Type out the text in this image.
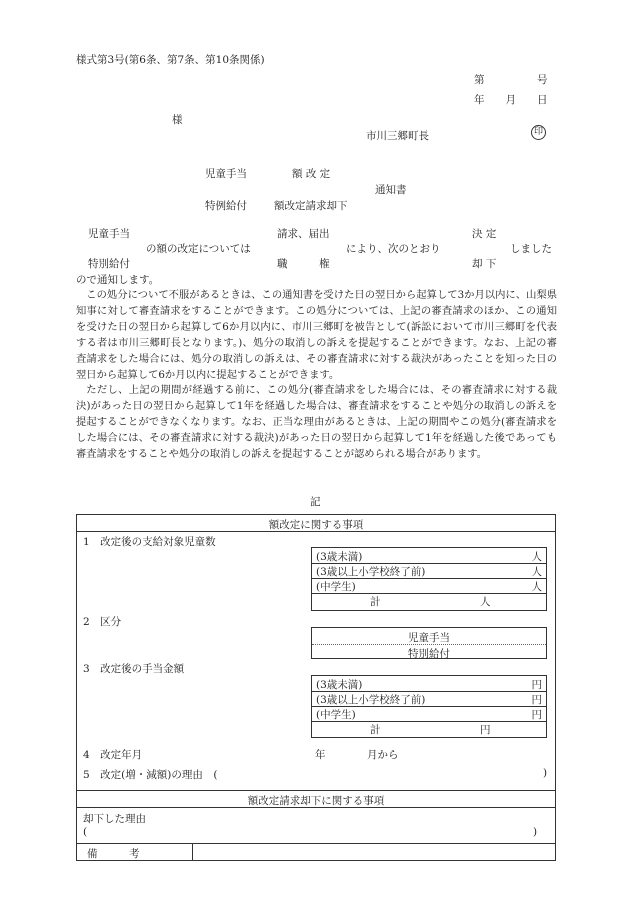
様式第3号(第6条、第7条、第10条関係)
第　　　　　号
年　　月　　日
様
市川三郷町長	印
児童手当	額 改 定
通知書
特例給付	額改定請求却下
児童手当
の額の改定については
特別給付
請求、届出
職　　　権
により、次のとおり
決 定
却 下
しました
ので通知します。

この処分について不服があるときは、この通知書を受けた日の翌日から起算して3か月以内に、山梨県知事に対して審査請求をすることができます。この処分については、上記の審査請求のほか、この通知を受けた日の翌日から起算して6か月以内に、市川三郷町を被告として(訴訟において市川三郷町を代表する者は市川三郷町長となります。)、処分の取消しの訴えを提起することができます。なお、上記の審査請求をした場合には、処分の取消しの訴えは、その審査請求に対する裁決があったことを知った日の翌日から起算して6か月以内に提起することができます。

ただし、上記の期間が経過する前に、この処分(審査請求をした場合には、その審査請求に対する裁決)があった日の翌日から起算して1年を経過した場合は、審査請求をすることや処分の取消しの訴えを提起することができなくなります。なお、正当な理由があるときは、上記の期間やこの処分(審査請求をした場合には、その審査請求に対する裁決)があった日の翌日から起算して1年を経過した後であっても審査請求をすることや処分の取消しの訴えを提起することが認められる場合があります。

記
額改定に関する事項
1　改定後の支給対象児童数
(3歳未満)	人
(3歳以上小学校終了前)	人
(中学生)	人
計	人
2　区分
児童手当
特別給付
3　改定後の手当金額
(3歳未満)	円
(3歳以上小学校終了前)	円
(中学生)	円
計	円
4　改定年月	年	月から
5　改定(増・減額)の理由　(	)
額改定請求却下に関する事項
却下した理由
(	)
備　　　考
